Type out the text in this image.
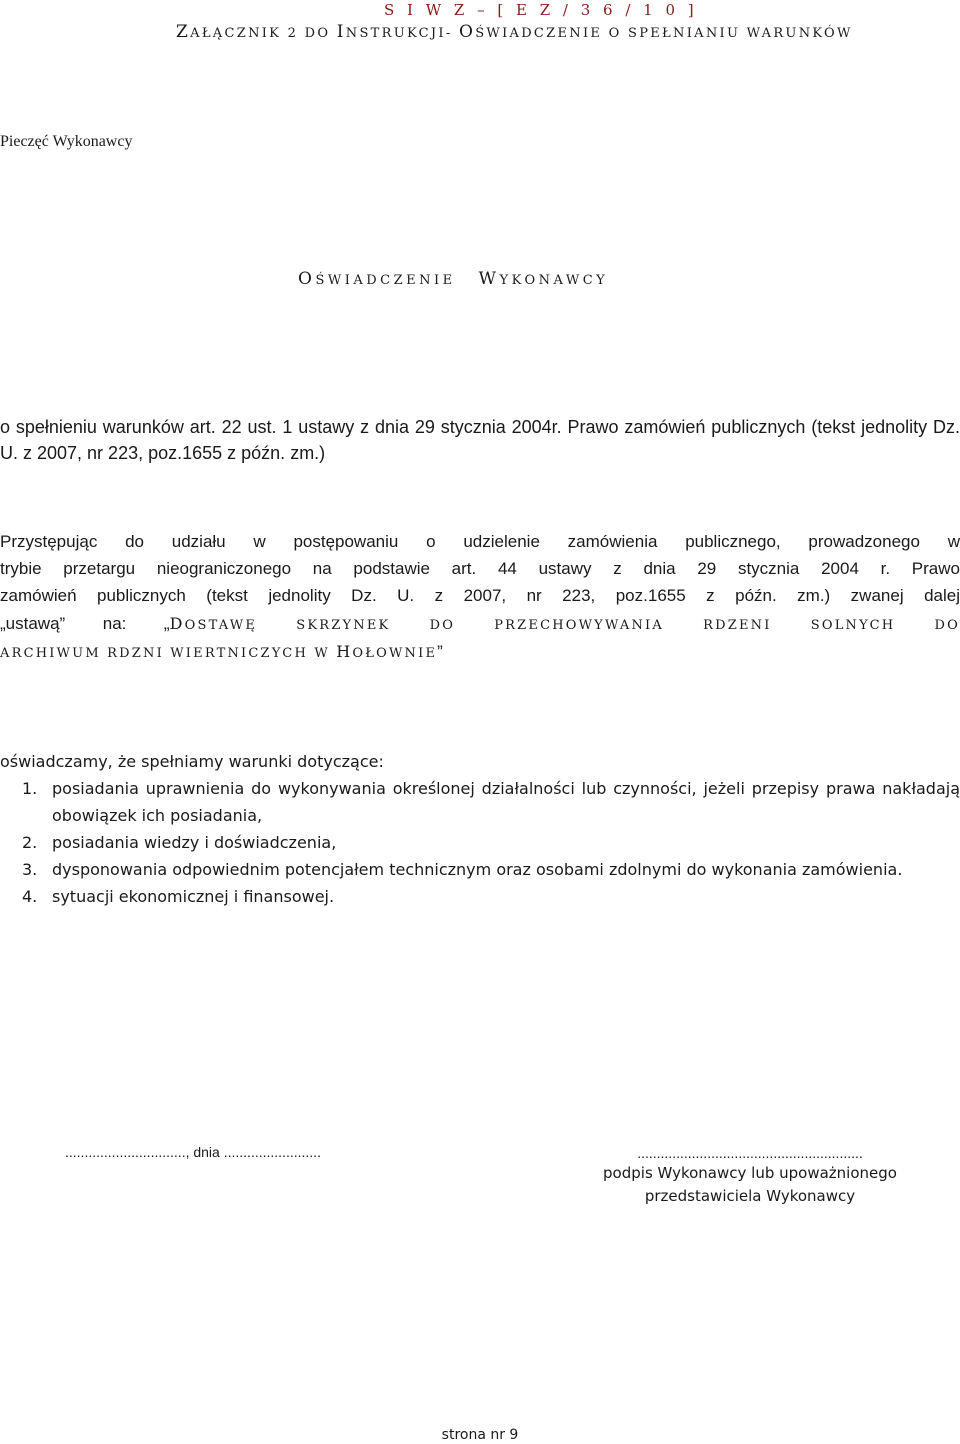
S I W Z – [ E Z / 3 6 / 1 0 ]
ZAŁĄCZNIK 2 DO INSTRUKCJI- OŚWIADCZENIE O SPEŁNIANIU WARUNKÓW
Pieczęć Wykonawcy
OŚWIADCZENIE WYKONAWCY
o spełnieniu warunków art. 22 ust. 1 ustawy z dnia 29 stycznia 2004r. Prawo zamówień publicznych (tekst jednolity Dz. U. z 2007, nr 223, poz.1655 z późn. zm.)
Przystępując do udziału w postępowaniu o udzielenie zamówienia publicznego, prowadzonego w
trybie przetargu nieograniczonego na podstawie art. 44 ustawy z dnia 29 stycznia 2004 r. Prawo
zamówień publicznych (tekst jednolity Dz. U. z 2007, nr 223, poz.1655 z późn. zm.) zwanej dalej
„ustawą” na: „DOSTAWĘ SKRZYNEK DO PRZECHOWYWANIA RDZENI SOLNYCH DO
ARCHIWUM RDZNI WIERTNICZYCH W HOŁOWNIE”
oświadczamy, że spełniamy warunki dotyczące:
1. posiadania uprawnienia do wykonywania określonej działalności lub czynności, jeżeli przepisy prawa nakładają obowiązek ich posiadania,
2. posiadania wiedzy i doświadczenia,
3. dysponowania odpowiednim potencjałem technicznym oraz osobami zdolnymi do wykonania zamówienia.
4. sytuacji ekonomicznej i finansowej.
..............................., dnia .........................	..........................................................
podpis Wykonawcy lub upoważnionego
przedstawiciela Wykonawcy
strona nr 9
